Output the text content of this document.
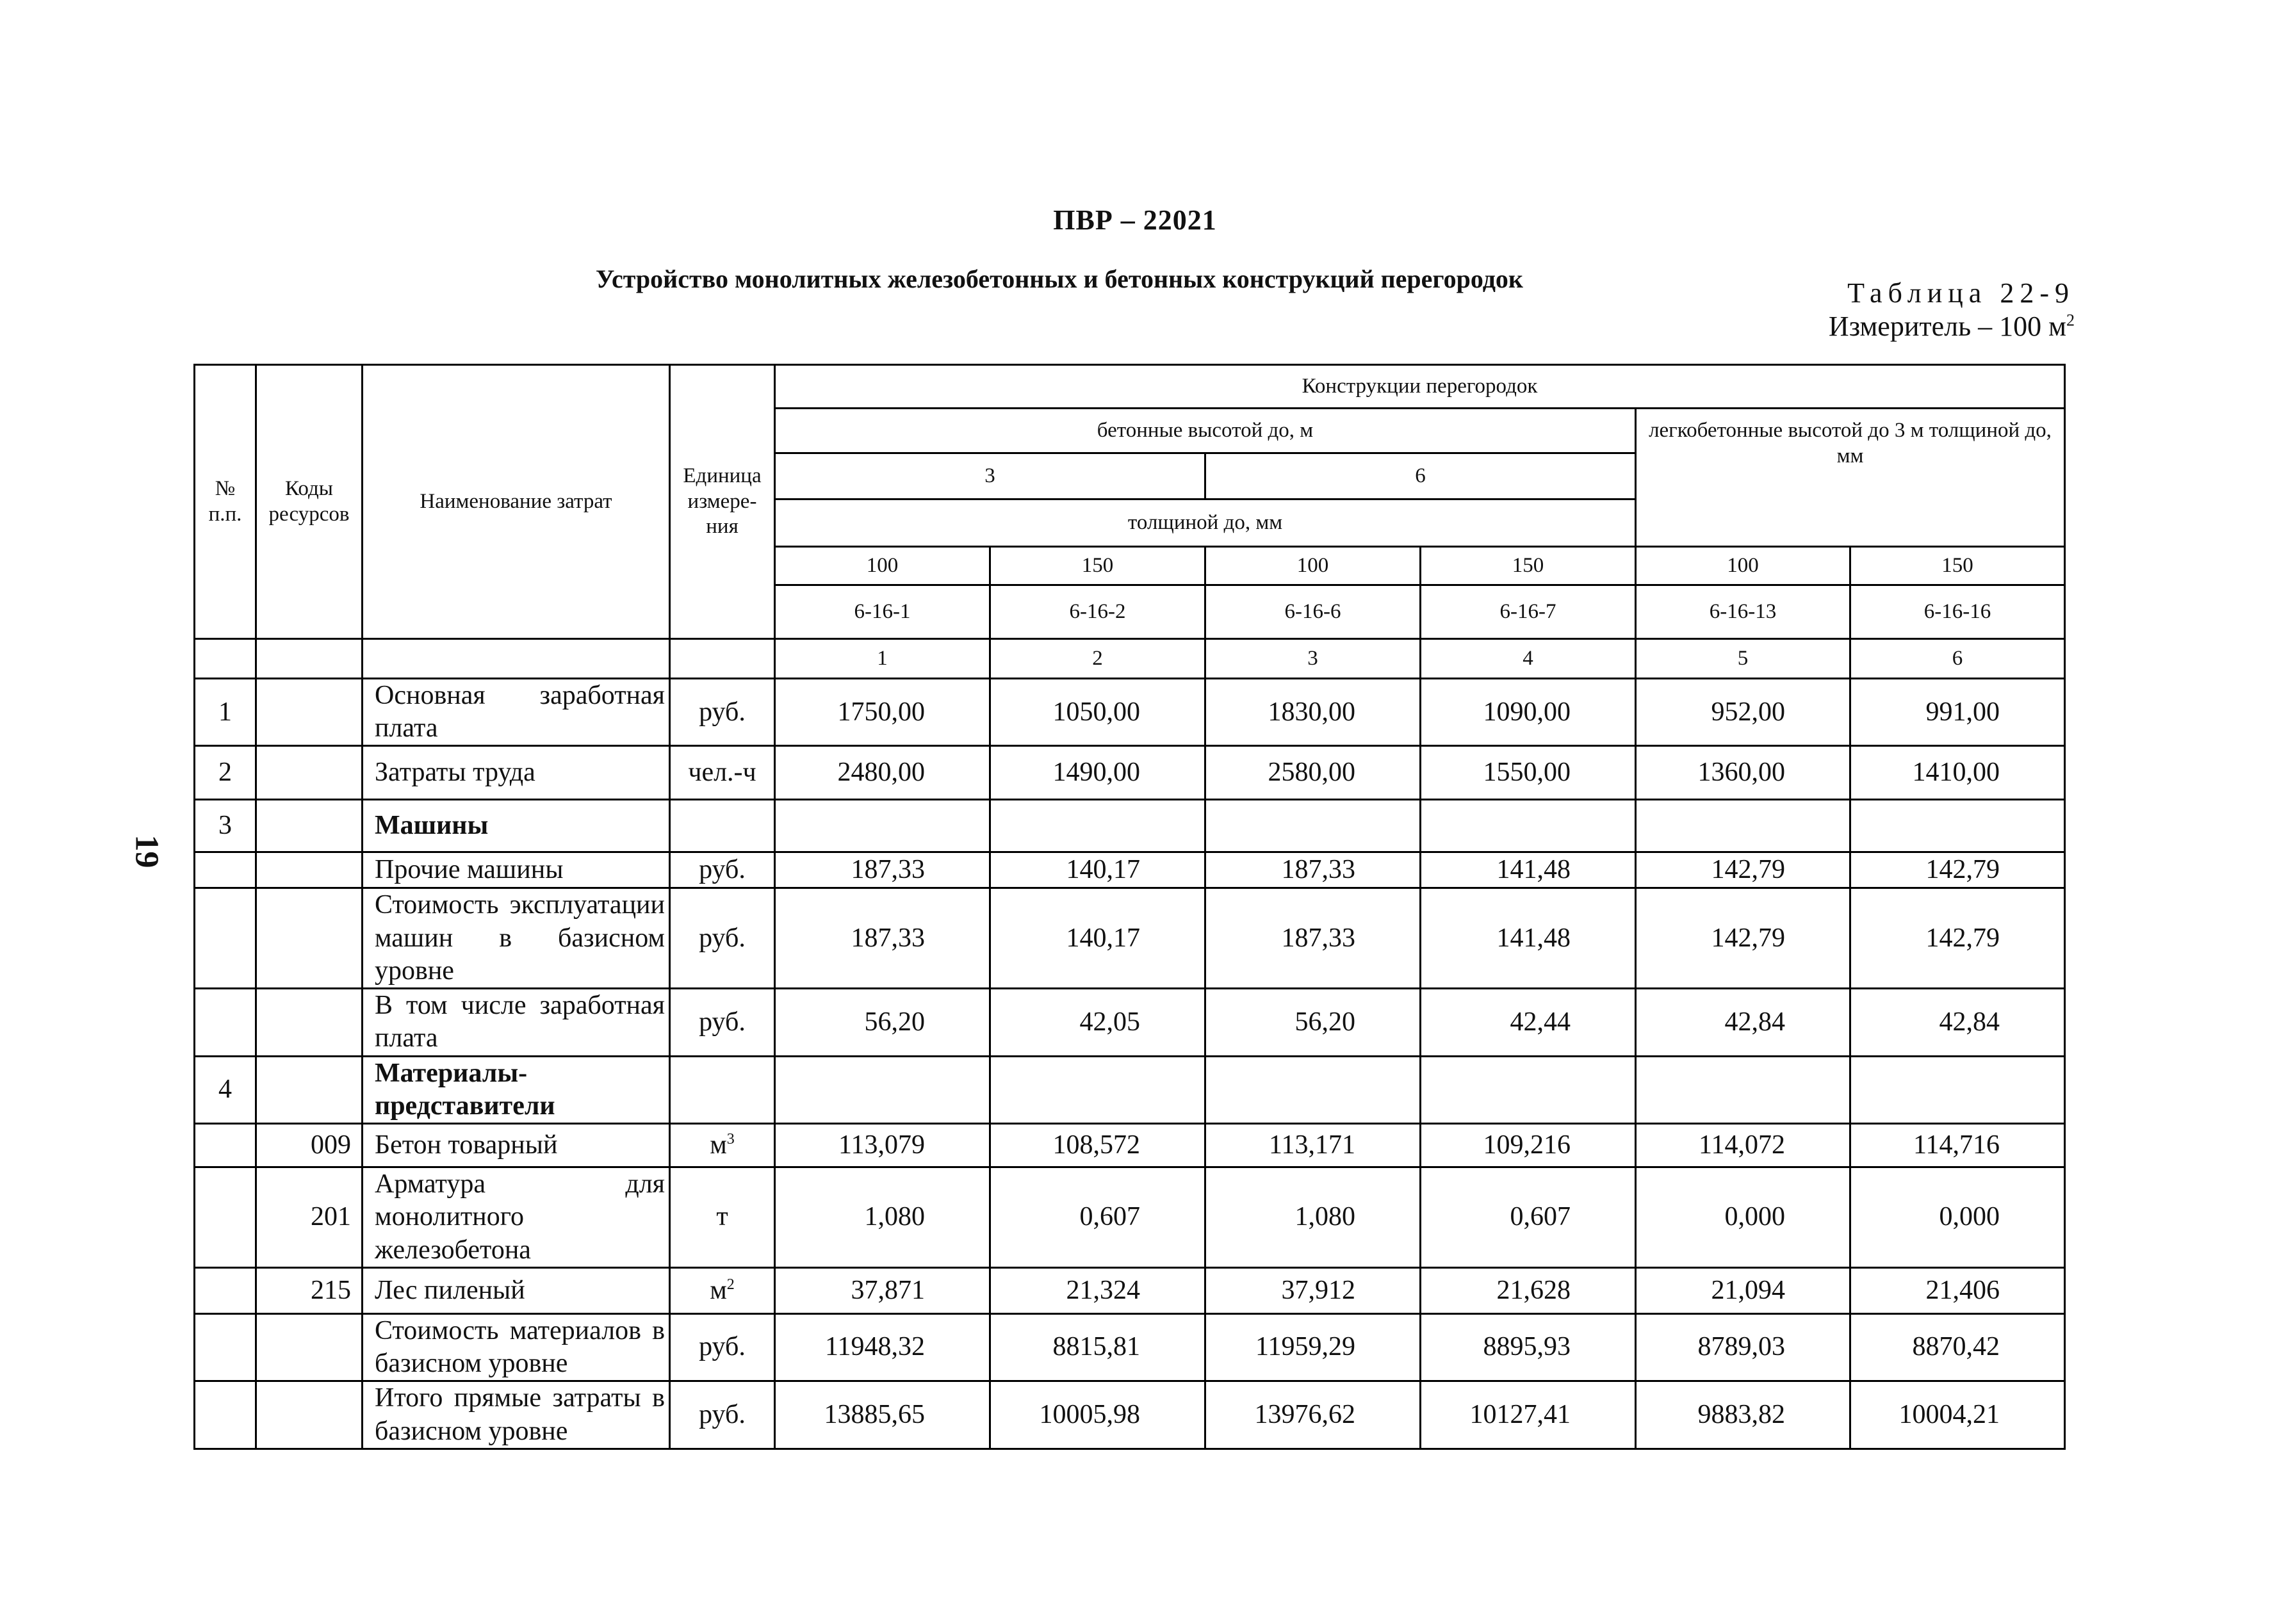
ПВР – 22021
Устройство монолитных железобетонных и бетонных конструкций перегородок	Таблица 22-9
Измеритель – 100 $м^2$
19
№ п.п.	Коды ресурсов	Наименование затрат	Единица измере-ния	Конструкции перегородок					
				бетонные высотой до, м				легкобетонные высотой до 3 м толщиной до, мм	
				3		6			
				толщиной до, мм					
				100	150	100	150	100	150
				6-16-1	6-16-2	6-16-6	6-16-7	6-16-13	6-16-16
				1	2	3	4	5	6
1		Основная заработная плата	руб.	1750,00	1050,00	1830,00	1090,00	952,00	991,00
2		Затраты труда	чел.-ч	2480,00	1490,00	2580,00	1550,00	1360,00	1410,00
3		Машины							
		Прочие машины	руб.	187,33	140,17	187,33	141,48	142,79	142,79
		Стоимость эксплуатации машин в базисном уровне	руб.	187,33	140,17	187,33	141,48	142,79	142,79
		В том числе заработная плата	руб.	56,20	42,05	56,20	42,44	42,84	42,84
4		Материалы-представители							
	009	Бетон товарный	$м^3$	113,079	108,572	113,171	109,216	114,072	114,716
	201	Арматура для монолитного железобетона	т	1,080	0,607	1,080	0,607	0,000	0,000
	215	Лес пиленый	$м^2$	37,871	21,324	37,912	21,628	21,094	21,406
		Стоимость материалов в базисном уровне	руб.	11948,32	8815,81	11959,29	8895,93	8789,03	8870,42
		Итого прямые затраты в базисном уровне	руб.	13885,65	10005,98	13976,62	10127,41	9883,82	10004,21
